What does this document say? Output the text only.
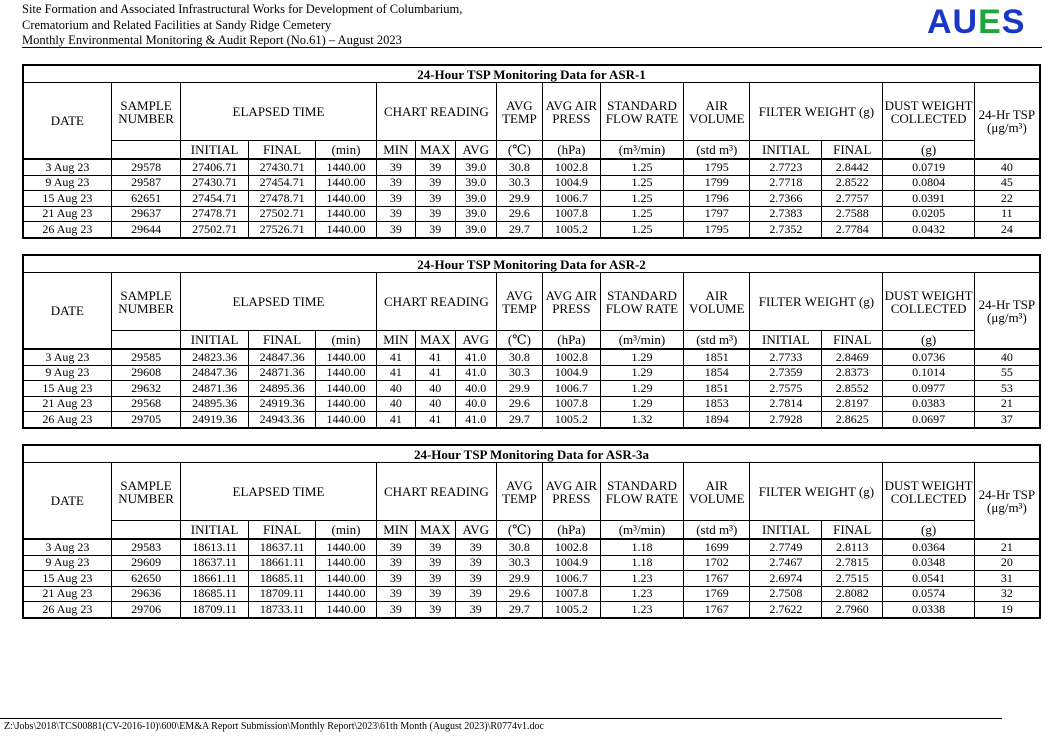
Site Formation and Associated Infrastructural Works for Development of Columbarium,
Crematorium and Related Facilities at Sandy Ridge Cemetery
Monthly Environmental Monitoring & Audit Report (No.61) – August 2023	AUES
24-Hour TSP Monitoring Data for ASR-1															
DATE	SAMPLE NUMBER	ELAPSED TIME			CHART READING			AVG TEMP	AVG AIR PRESS	STANDARD FLOW RATE	AIR VOLUME	FILTER WEIGHT (g)		DUST WEIGHT COLLECTED	24-Hr TSP
(μg/m³)

		INITIAL	FINAL	(min)	MIN	MAX	AVG	(℃)	(hPa)	(m³/min)	(std m³)	INITIAL	FINAL	(g)	
3 Aug 23	29578	27406.71	27430.71	1440.00	39	39	39.0	30.8	1002.8	1.25	1795	2.7723	2.8442	0.0719	40
9 Aug 23	29587	27430.71	27454.71	1440.00	39	39	39.0	30.3	1004.9	1.25	1799	2.7718	2.8522	0.0804	45
15 Aug 23	62651	27454.71	27478.71	1440.00	39	39	39.0	29.9	1006.7	1.25	1796	2.7366	2.7757	0.0391	22
21 Aug 23	29637	27478.71	27502.71	1440.00	39	39	39.0	29.6	1007.8	1.25	1797	2.7383	2.7588	0.0205	11
26 Aug 23	29644	27502.71	27526.71	1440.00	39	39	39.0	29.7	1005.2	1.25	1795	2.7352	2.7784	0.0432	24
24-Hour TSP Monitoring Data for ASR-2															
DATE	SAMPLE NUMBER	ELAPSED TIME			CHART READING			AVG TEMP	AVG AIR PRESS	STANDARD FLOW RATE	AIR VOLUME	FILTER WEIGHT (g)		DUST WEIGHT COLLECTED	24-Hr TSP
(μg/m³)

		INITIAL	FINAL	(min)	MIN	MAX	AVG	(℃)	(hPa)	(m³/min)	(std m³)	INITIAL	FINAL	(g)	
3 Aug 23	29585	24823.36	24847.36	1440.00	41	41	41.0	30.8	1002.8	1.29	1851	2.7733	2.8469	0.0736	40
9 Aug 23	29608	24847.36	24871.36	1440.00	41	41	41.0	30.3	1004.9	1.29	1854	2.7359	2.8373	0.1014	55
15 Aug 23	29632	24871.36	24895.36	1440.00	40	40	40.0	29.9	1006.7	1.29	1851	2.7575	2.8552	0.0977	53
21 Aug 23	29568	24895.36	24919.36	1440.00	40	40	40.0	29.6	1007.8	1.29	1853	2.7814	2.8197	0.0383	21
26 Aug 23	29705	24919.36	24943.36	1440.00	41	41	41.0	29.7	1005.2	1.32	1894	2.7928	2.8625	0.0697	37
24-Hour TSP Monitoring Data for ASR-3a															
DATE	SAMPLE NUMBER	ELAPSED TIME			CHART READING			AVG TEMP	AVG AIR PRESS	STANDARD FLOW RATE	AIR VOLUME	FILTER WEIGHT (g)		DUST WEIGHT COLLECTED	24-Hr TSP
(μg/m³)

		INITIAL	FINAL	(min)	MIN	MAX	AVG	(℃)	(hPa)	(m³/min)	(std m³)	INITIAL	FINAL	(g)	
3 Aug 23	29583	18613.11	18637.11	1440.00	39	39	39	30.8	1002.8	1.18	1699	2.7749	2.8113	0.0364	21
9 Aug 23	29609	18637.11	18661.11	1440.00	39	39	39	30.3	1004.9	1.18	1702	2.7467	2.7815	0.0348	20
15 Aug 23	62650	18661.11	18685.11	1440.00	39	39	39	29.9	1006.7	1.23	1767	2.6974	2.7515	0.0541	31
21 Aug 23	29636	18685.11	18709.11	1440.00	39	39	39	29.6	1007.8	1.23	1769	2.7508	2.8082	0.0574	32
26 Aug 23	29706	18709.11	18733.11	1440.00	39	39	39	29.7	1005.2	1.23	1767	2.7622	2.7960	0.0338	19
Z:\Jobs\2018\TCS00881(CV-2016-10)\600\EM&A Report Submission\Monthly Report\2023\61th Month (August 2023)\R0774v1.doc
